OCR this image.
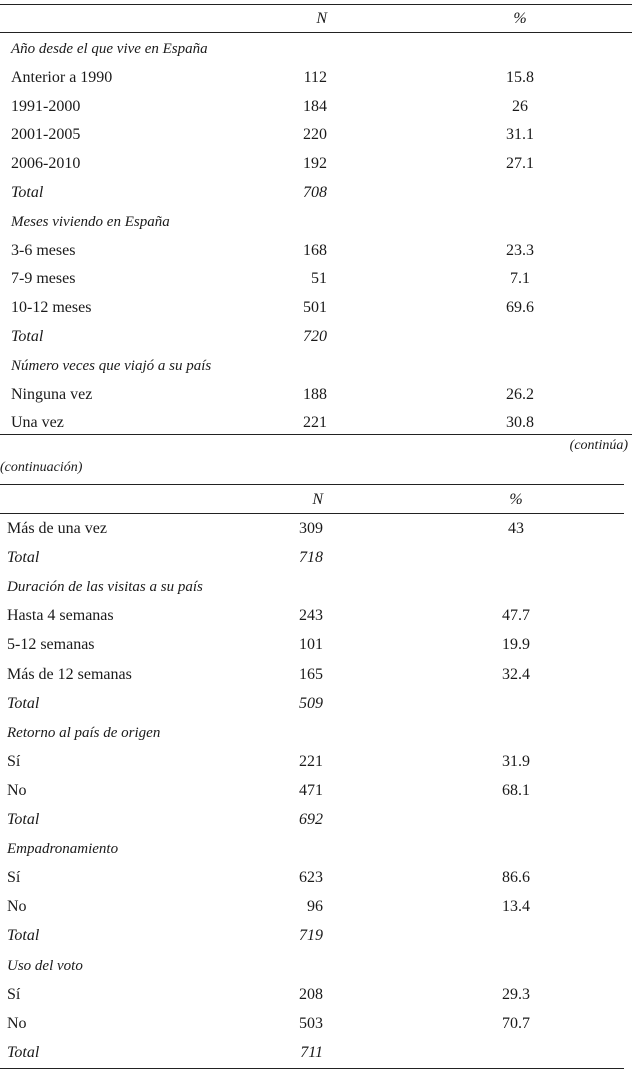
N	%
Año desde el que vive en España
Anterior a 1990	112	15.8
1991-2000	184	26
2001-2005	220	31.1
2006-2010	192	27.1
Total	708
Meses viviendo en España
3-6 meses	168	23.3
7-9 meses	51	7.1
10-12 meses	501	69.6
Total	720
Número veces que viajó a su país
Ninguna vez	188	26.2
Una vez	221	30.8
(continúa)
(continuación)
N	%
Más de una vez	309	43
Total	718
Duración de las visitas a su país
Hasta 4 semanas	243	47.7
5-12 semanas	101	19.9
Más de 12 semanas	165	32.4
Total	509
Retorno al país de origen
Sí	221	31.9
No	471	68.1
Total	692
Empadronamiento
Sí	623	86.6
No	96	13.4
Total	719
Uso del voto
Sí	208	29.3
No	503	70.7
Total	711
